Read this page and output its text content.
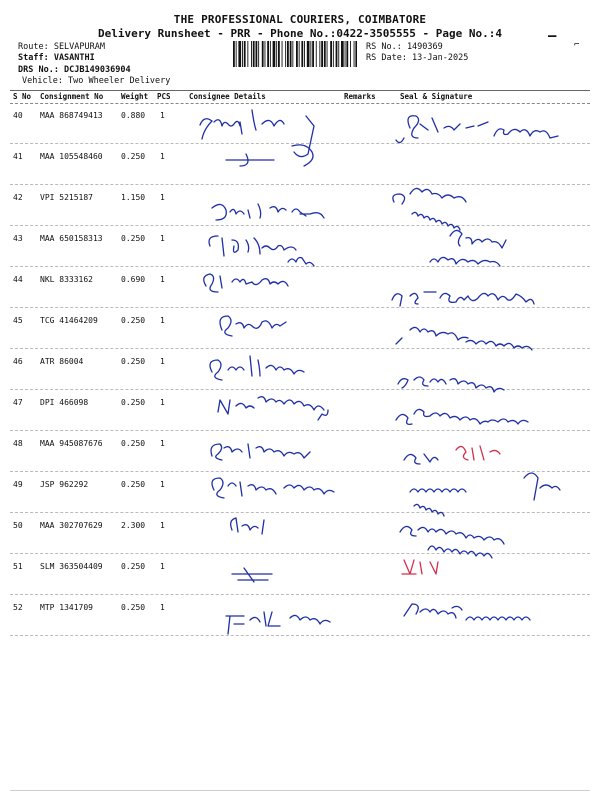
THE PROFESSIONAL COURIERS, COIMBATORE
Delivery Runsheet - PRR - Phone No.:0422-3505555 - Page No.:4	–
⌐
Route: SELVAPURAM
Staff: VASANTHI
DRS No.: DCJB149036904
Vehicle: Two Wheeler Delivery
RS No.: 1490369
RS Date: 13-Jan-2025
S No Consignment No Weight PCS Consignee Details	Remarks	Seal & Signature
40 MAA 868749413 0.880 1
41 MAA 105548460 0.250 1
42 VPI 5215187	1.150 1
43 MAA 650158313 0.250 1
44 NKL 8333162	0.690 1
45 TCG 41464209	0.250 1
46 ATR 86004	0.250 1
47 DPI 466098	0.250 1
48 MAA 945087676 0.250 1
49 JSP 962292	0.250 1
50 MAA 302707629 2.300 1
51 SLM 363504409 0.250 1
52 MTP 1341709	0.250 1
